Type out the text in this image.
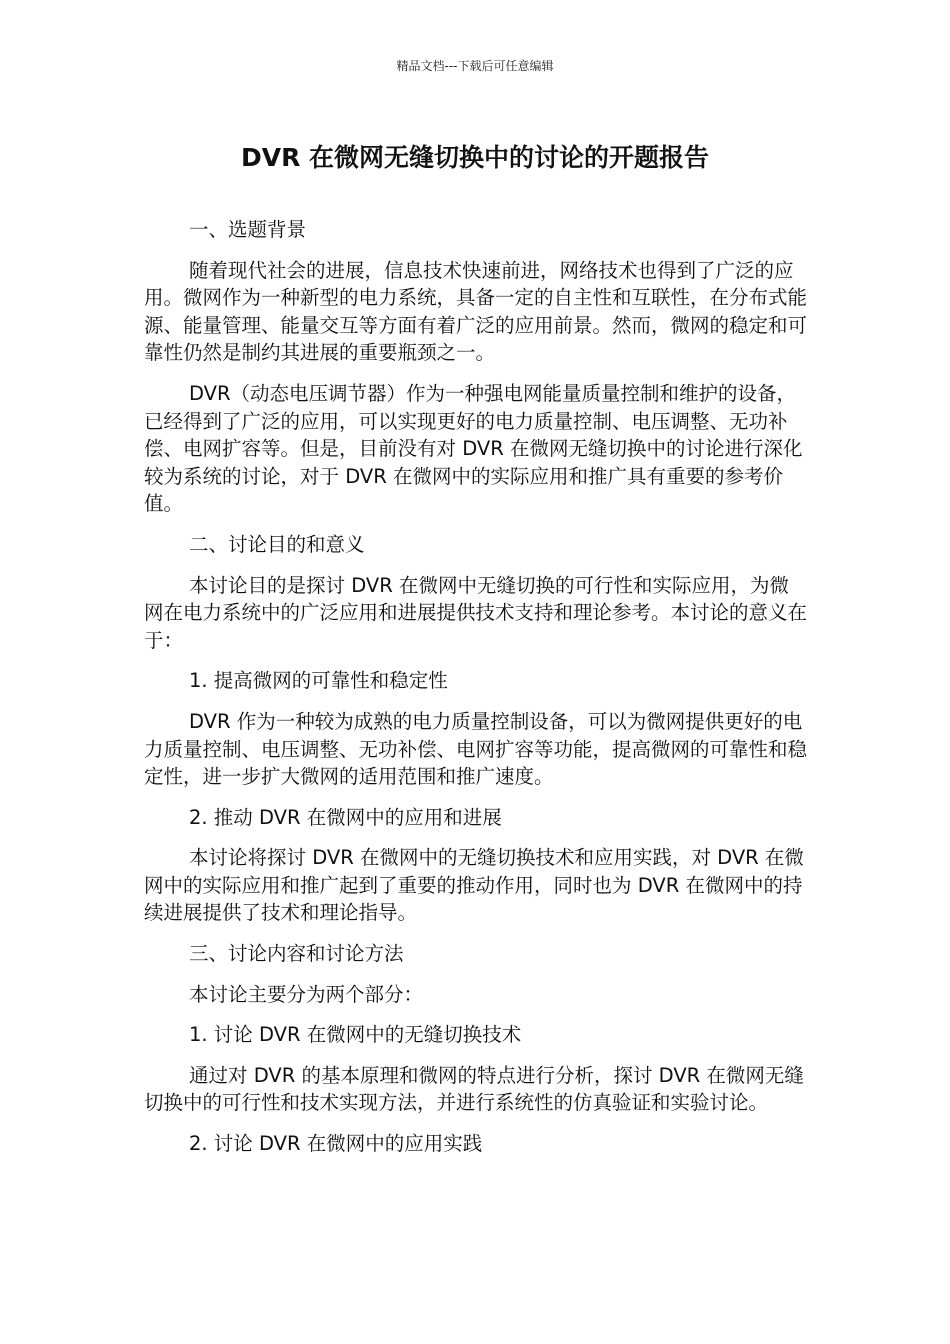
精品文档---下载后可任意编辑
DVR 在微网无缝切换中的讨论的开题报告

一、选题背景

随着现代社会的进展，信息技术快速前进，网络技术也得到了广泛的应用。微网作为一种新型的电力系统，具备一定的自主性和互联性，在分布式能源、能量管理、能量交互等方面有着广泛的应用前景。然而，微网的稳定和可靠性仍然是制约其进展的重要瓶颈之一。

DVR（动态电压调节器）作为一种强电网能量质量控制和维护的设备，已经得到了广泛的应用，可以实现更好的电力质量控制、电压调整、无功补偿、电网扩容等。但是，目前没有对 DVR 在微网无缝切换中的讨论进行深化较为系统的讨论，对于 DVR 在微网中的实际应用和推广具有重要的参考价值。

二、讨论目的和意义

本讨论目的是探讨 DVR 在微网中无缝切换的可行性和实际应用，为微网在电力系统中的广泛应用和进展提供技术支持和理论参考。本讨论的意义在于：

1. 提高微网的可靠性和稳定性

DVR 作为一种较为成熟的电力质量控制设备，可以为微网提供更好的电力质量控制、电压调整、无功补偿、电网扩容等功能，提高微网的可靠性和稳定性，进一步扩大微网的适用范围和推广速度。

2. 推动 DVR 在微网中的应用和进展

本讨论将探讨 DVR 在微网中的无缝切换技术和应用实践，对 DVR 在微网中的实际应用和推广起到了重要的推动作用，同时也为 DVR 在微网中的持续进展提供了技术和理论指导。

三、讨论内容和讨论方法

本讨论主要分为两个部分：

1. 讨论 DVR 在微网中的无缝切换技术

通过对 DVR 的基本原理和微网的特点进行分析，探讨 DVR 在微网无缝切换中的可行性和技术实现方法，并进行系统性的仿真验证和实验讨论。

2. 讨论 DVR 在微网中的应用实践
